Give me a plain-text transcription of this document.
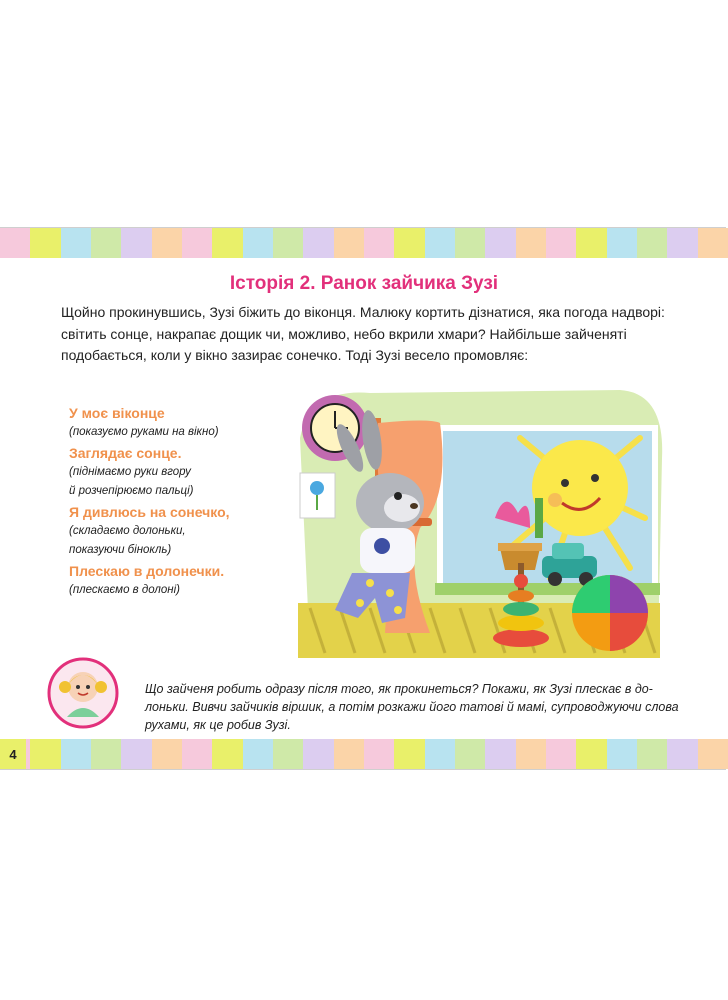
Історія 2. Ранок зайчика Зузі

Щойно прокинувшись, Зузі біжить до віконця. Малюку кортить дізнатися, яка погода надворі: світить сонце, накрапає дощик чи, можливо, небо вкрили хмари? Найбільше зайченяті подобається, коли у вікно зазирає сонечко. Тоді Зузі весело промовляє:

У моє віконце

(показуємо руками на вікно)

Заглядає сонце.

(піднімаємо руки вгору

й розчепірюємо пальці)

Я дивлюсь на сонечко,

(складаємо долоньки,

показуючи бінокль)

Плескаю в долонечки.

(плескаємо в долоні)

Що зайченя робить одразу після того, як прокинеться? Покажи, як Зузі плескає в до-лоньки. Вивчи зайчиків віршик, а потім розкажи його татові й мамі, супроводжуючи слова рухами, як це робив Зузі.

4
